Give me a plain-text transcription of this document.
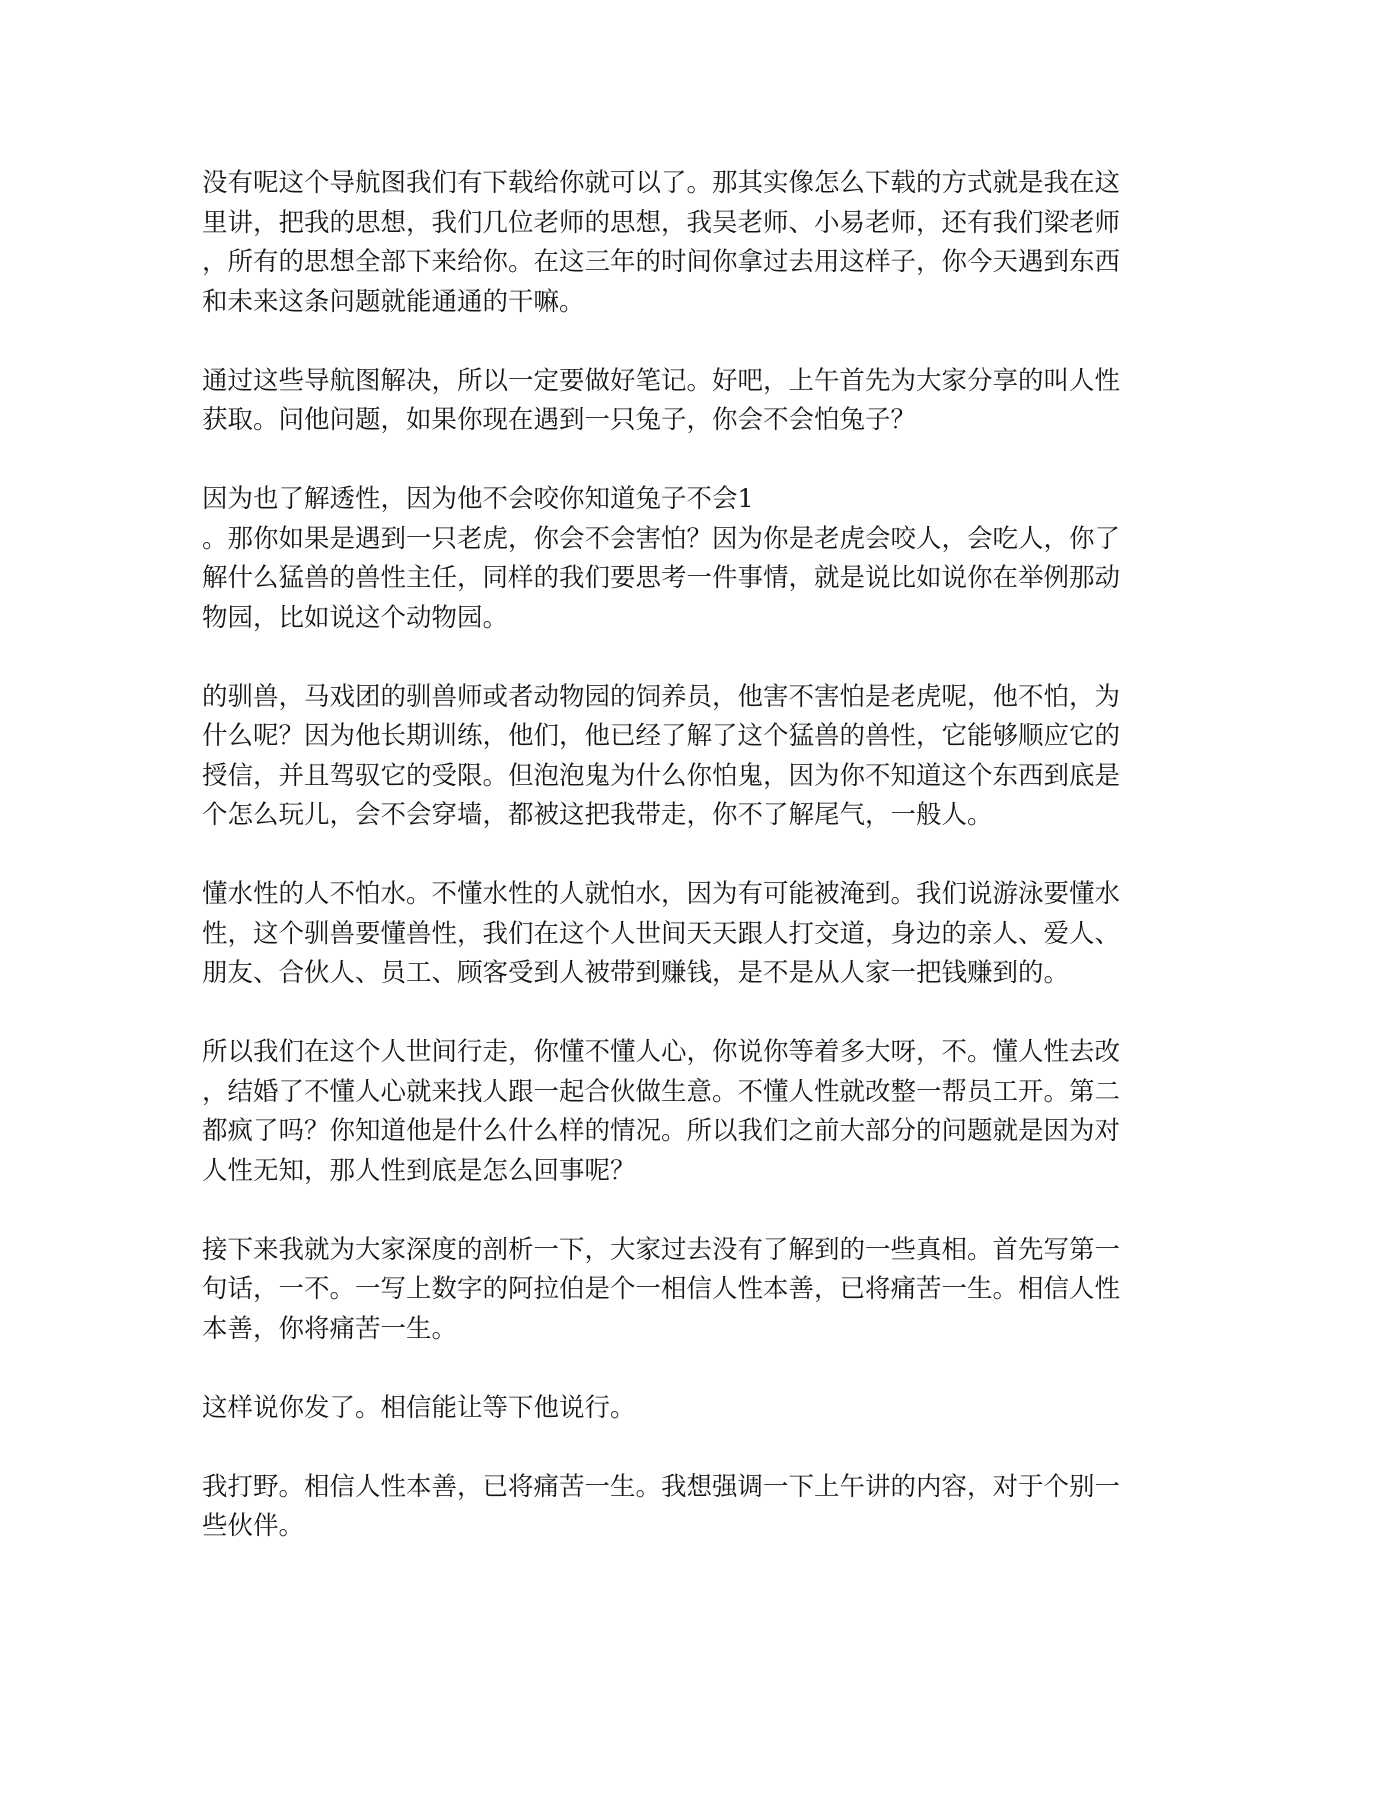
没有呢这个导航图我们有下载给你就可以了。那其实像怎么下载的方式就是我在这
里讲，把我的思想，我们几位老师的思想，我吴老师、小易老师，还有我们梁老师
，所有的思想全部下来给你。在这三年的时间你拿过去用这样子，你今天遇到东西
和未来这条问题就能通通的干嘛。

通过这些导航图解决，所以一定要做好笔记。好吧，上午首先为大家分享的叫人性
获取。问他问题，如果你现在遇到一只兔子，你会不会怕兔子？

因为也了解透性，因为他不会咬你知道兔子不会1
。那你如果是遇到一只老虎，你会不会害怕？因为你是老虎会咬人，会吃人，你了
解什么猛兽的兽性主任，同样的我们要思考一件事情，就是说比如说你在举例那动
物园，比如说这个动物园。

的驯兽，马戏团的驯兽师或者动物园的饲养员，他害不害怕是老虎呢，他不怕，为
什么呢？因为他长期训练，他们，他已经了解了这个猛兽的兽性，它能够顺应它的
授信，并且驾驭它的受限。但泡泡鬼为什么你怕鬼，因为你不知道这个东西到底是
个怎么玩儿，会不会穿墙，都被这把我带走，你不了解尾气，一般人。

懂水性的人不怕水。不懂水性的人就怕水，因为有可能被淹到。我们说游泳要懂水
性，这个驯兽要懂兽性，我们在这个人世间天天跟人打交道，身边的亲人、爱人、
朋友、合伙人、员工、顾客受到人被带到赚钱，是不是从人家一把钱赚到的。

所以我们在这个人世间行走，你懂不懂人心，你说你等着多大呀，不。懂人性去改
，结婚了不懂人心就来找人跟一起合伙做生意。不懂人性就改整一帮员工开。第二
都疯了吗？你知道他是什么什么样的情况。所以我们之前大部分的问题就是因为对
人性无知，那人性到底是怎么回事呢？

接下来我就为大家深度的剖析一下，大家过去没有了解到的一些真相。首先写第一
句话，一不。一写上数字的阿拉伯是个一相信人性本善，已将痛苦一生。相信人性
本善，你将痛苦一生。

这样说你发了。相信能让等下他说行。

我打野。相信人性本善，已将痛苦一生。我想强调一下上午讲的内容，对于个别一
些伙伴。
